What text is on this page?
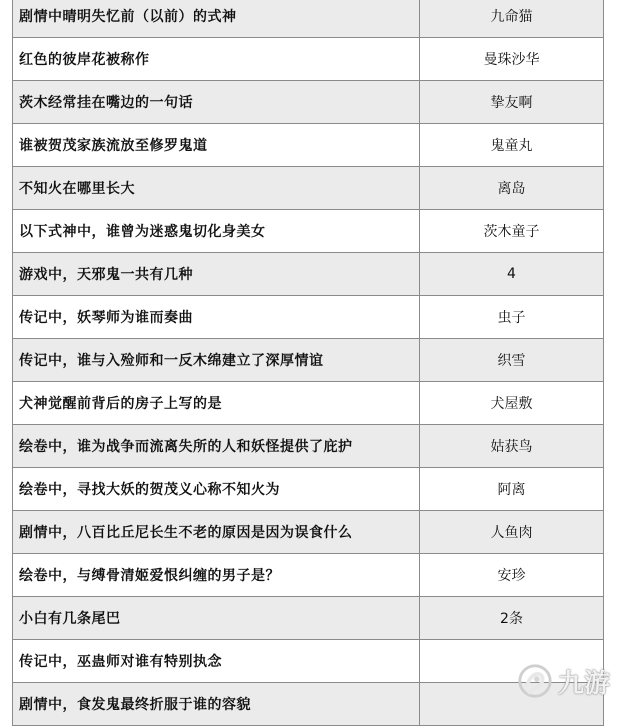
剧情中晴明失忆前（以前）的式神	九命猫
红色的彼岸花被称作	曼珠沙华
茨木经常挂在嘴边的一句话	挚友啊
谁被贺茂家族流放至修罗鬼道	鬼童丸
不知火在哪里长大	离岛
以下式神中，谁曾为迷惑鬼切化身美女	茨木童子
游戏中，天邪鬼一共有几种	4
传记中，妖琴师为谁而奏曲	虫子
传记中，谁与入殓师和一反木绵建立了深厚情谊	织雪
犬神觉醒前背后的房子上写的是	犬屋敷
绘卷中，谁为战争而流离失所的人和妖怪提供了庇护	姑获鸟
绘卷中，寻找大妖的贺茂义心称不知火为	阿离
剧情中，八百比丘尼长生不老的原因是因为误食什么	人鱼肉
绘卷中，与缚骨清姬爱恨纠缠的男子是？	安珍
小白有几条尾巴	2条
传记中，巫蛊师对谁有特别执念	
剧情中，食发鬼最终折服于谁的容貌	
九游
